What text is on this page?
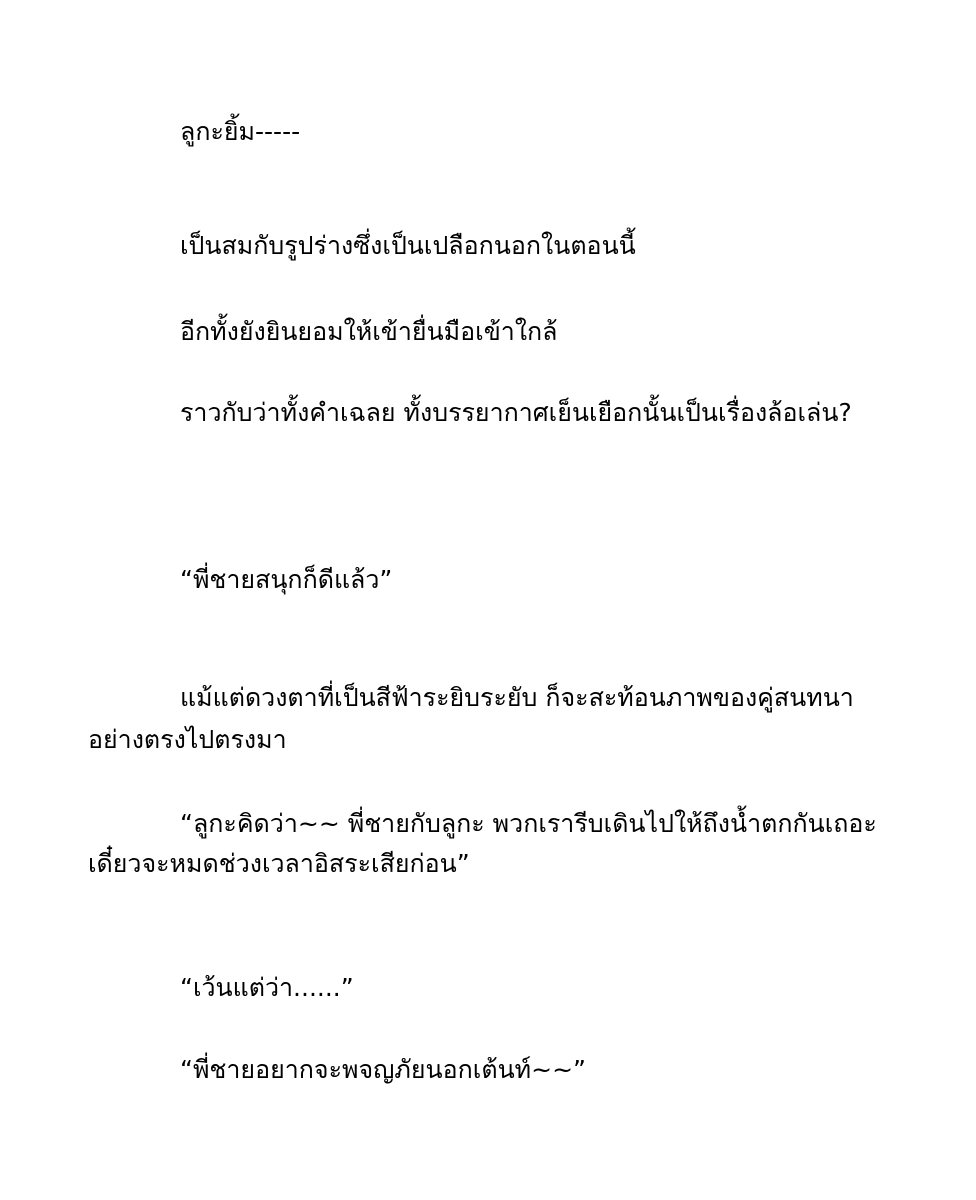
ลูกะยิ้ม-----
เป็นสมกับรูปร่างซึ่งเป็นเปลือกนอกในตอนนี้
อีกทั้งยังยินยอมให้เข้ายื่นมือเข้าใกล้
ราวกับว่าทั้งคำเฉลย ทั้งบรรยากาศเย็นเยือกนั้นเป็นเรื่องล้อเล่น?
“พี่ชายสนุกก็ดีแล้ว”
แม้แต่ดวงตาที่เป็นสีฟ้าระยิบระยับ ก็จะสะท้อนภาพของคู่สนทนา
อย่างตรงไปตรงมา
“ลูกะคิดว่า~~ พี่ชายกับลูกะ พวกเรารีบเดินไปให้ถึงน้ำตกกันเถอะ
เดี๋ยวจะหมดช่วงเวลาอิสระเสียก่อน”
“เว้นแต่ว่า......”
“พี่ชายอยากจะพจญภัยนอกเต้นท์~~”
